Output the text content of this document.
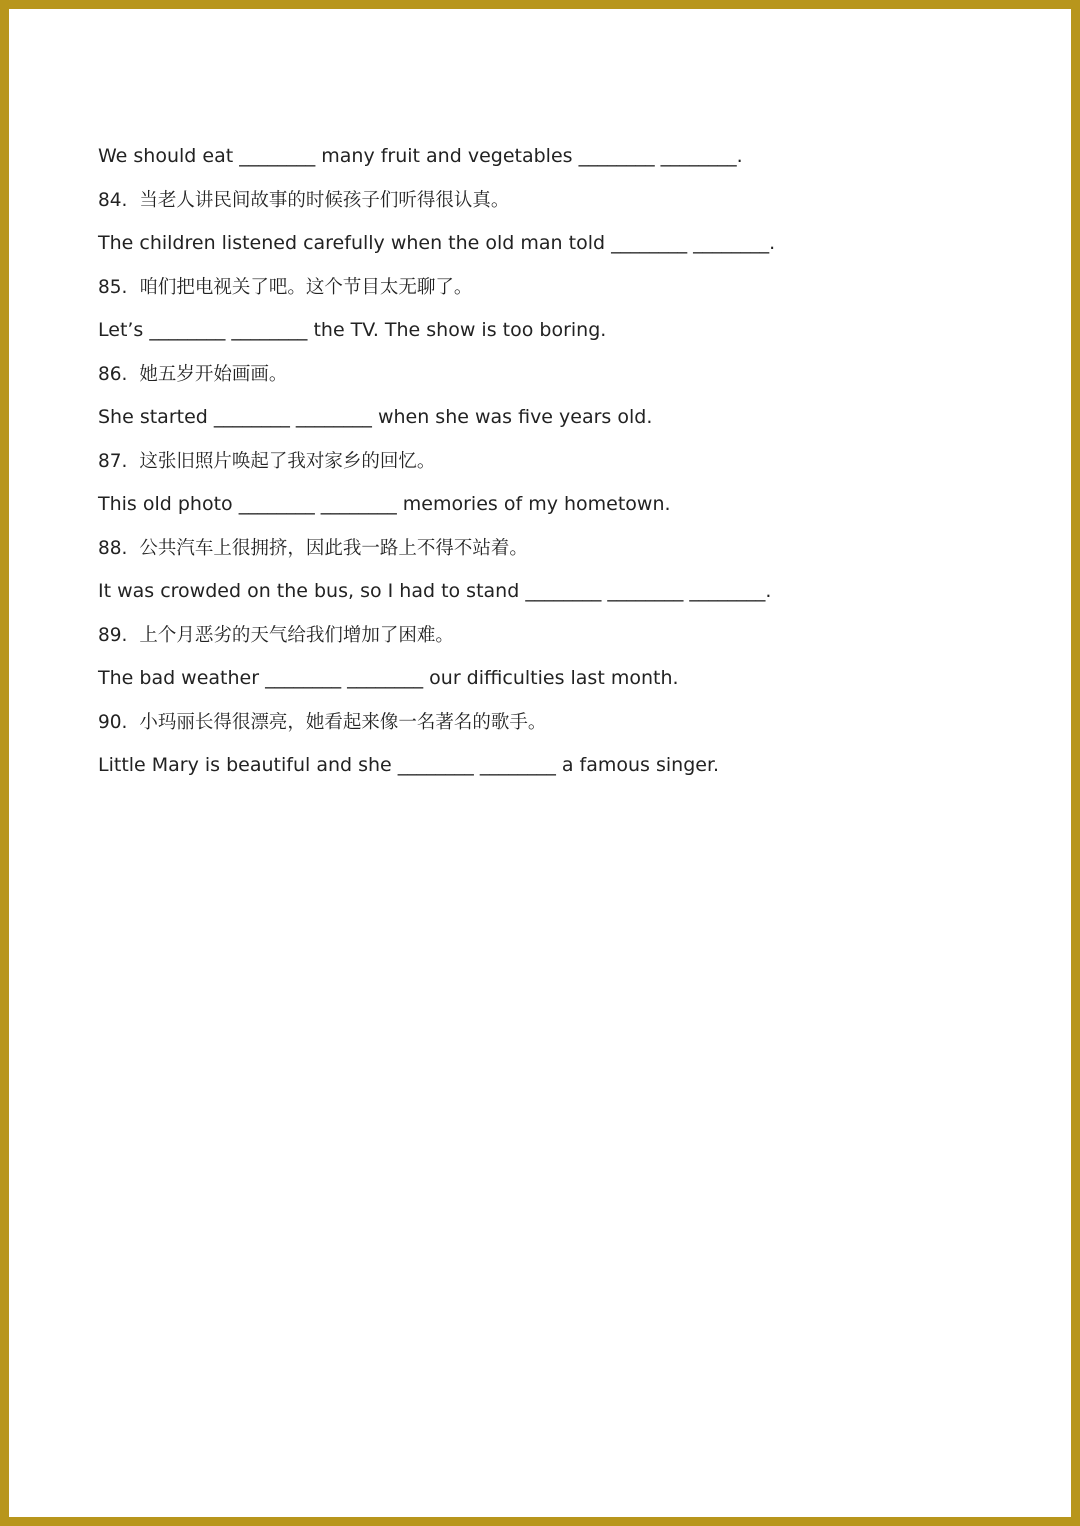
We should eat ________ many fruit and vegetables ________ ________.
84. 当老人讲民间故事的时候孩子们听得很认真。
The children listened carefully when the old man told ________ ________.
85. 咱们把电视关了吧。这个节目太无聊了。
Let’s ________ ________ the TV. The show is too boring.
86. 她五岁开始画画。
She started ________ ________ when she was five years old.
87. 这张旧照片唤起了我对家乡的回忆。
This old photo ________ ________ memories of my hometown.
88. 公共汽车上很拥挤，因此我一路上不得不站着。
It was crowded on the bus, so I had to stand ________ ________ ________.
89. 上个月恶劣的天气给我们增加了困难。
The bad weather ________ ________ our difficulties last month.
90. 小玛丽长得很漂亮，她看起来像一名著名的歌手。
Little Mary is beautiful and she ________ ________ a famous singer.
